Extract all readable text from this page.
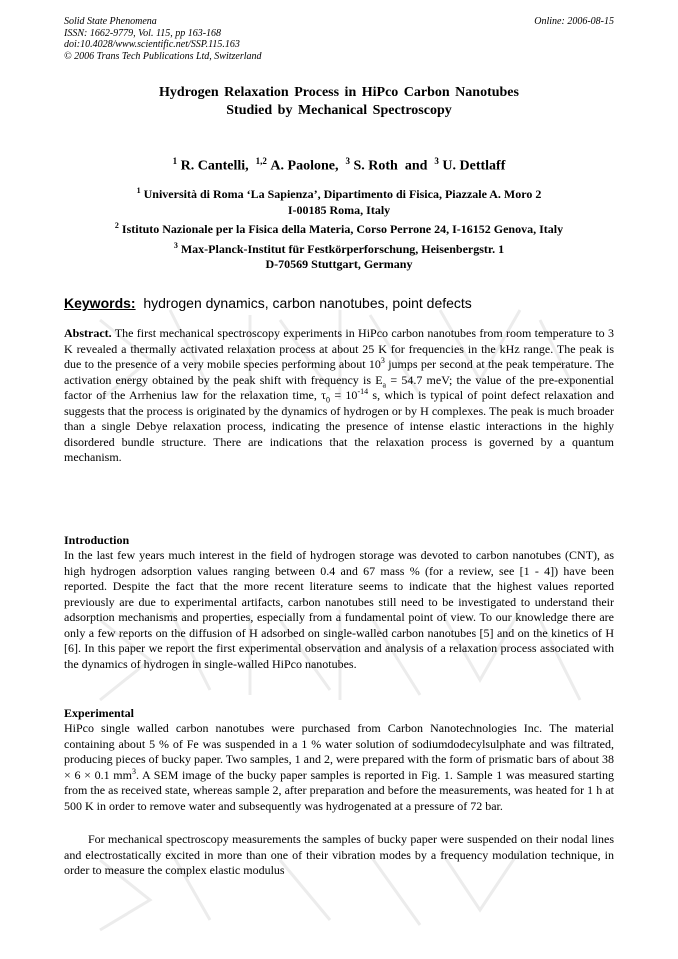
Solid State Phenomena
ISSN: 1662-9779, Vol. 115, pp 163-168
doi:10.4028/www.scientific.net/SSP.115.163
© 2006 Trans Tech Publications Ltd, Switzerland
Online: 2006-08-15
Hydrogen Relaxation Process in HiPco Carbon Nanotubes
Studied by Mechanical Spectroscopy
$^1$ R. Cantelli, $^{1,2}$ A. Paolone, $^3$ S. Roth and $^3$ U. Dettlaff
$^1$ Università di Roma ‘La Sapienza’, Dipartimento di Fisica, Piazzale A. Moro 2
I-00185 Roma, Italy
$^2$ Istituto Nazionale per la Fisica della Materia, Corso Perrone 24, I-16152 Genova, Italy
$^3$ Max-Planck-Institut für Festkörperforschung, Heisenbergstr. 1
D-70569 Stuttgart, Germany
Keywords: hydrogen dynamics, carbon nanotubes, point defects
Abstract. The first mechanical spectroscopy experiments in HiPco carbon nanotubes from room temperature to 3 K revealed a thermally activated relaxation process at about 25 K for frequencies in the kHz range. The peak is due to the presence of a very mobile species performing about $10^3$ jumps per second at the peak temperature. The activation energy obtained by the peak shift with frequency is $E_a = 54.7$ meV; the value of the pre-exponential factor of the Arrhenius law for the relaxation time, $\tau_0 = 10^{-14}$ s, which is typical of point defect relaxation and suggests that the process is originated by the dynamics of hydrogen or by H complexes. The peak is much broader than a single Debye relaxation process, indicating the presence of intense elastic interactions in the highly disordered bundle structure. There are indications that the relaxation process is governed by a quantum mechanism.
Introduction
In the last few years much interest in the field of hydrogen storage was devoted to carbon nanotubes (CNT), as high hydrogen adsorption values ranging between 0.4 and 67 mass % (for a review, see [1 - 4]) have been reported. Despite the fact that the more recent literature seems to indicate that the highest values reported previously are due to experimental artifacts, carbon nanotubes still need to be investigated to understand their adsorption mechanisms and properties, especially from a fundamental point of view. To our knowledge there are only a few reports on the diffusion of H adsorbed on single-walled carbon nanotubes [5] and on the kinetics of H [6]. In this paper we report the first experimental observation and analysis of a relaxation process associated with the dynamics of hydrogen in single-walled HiPco nanotubes.
Experimental
HiPco single walled carbon nanotubes were purchased from Carbon Nanotechnologies Inc. The material containing about 5 % of Fe was suspended in a 1 % water solution of sodiumdodecylsulphate and was filtrated, producing pieces of bucky paper. Two samples, 1 and 2, were prepared with the form of prismatic bars of about 38 × 6 × 0.1 $mm^3$. A SEM image of the bucky paper samples is reported in Fig. 1. Sample 1 was measured starting from the as received state, whereas sample 2, after preparation and before the measurements, was heated for 1 h at 500 K in order to remove water and subsequently was hydrogenated at a pressure of 72 bar.
For mechanical spectroscopy measurements the samples of bucky paper were suspended on their nodal lines and electrostatically excited in more than one of their vibration modes by a frequency modulation technique, in order to measure the complex elastic modulus
